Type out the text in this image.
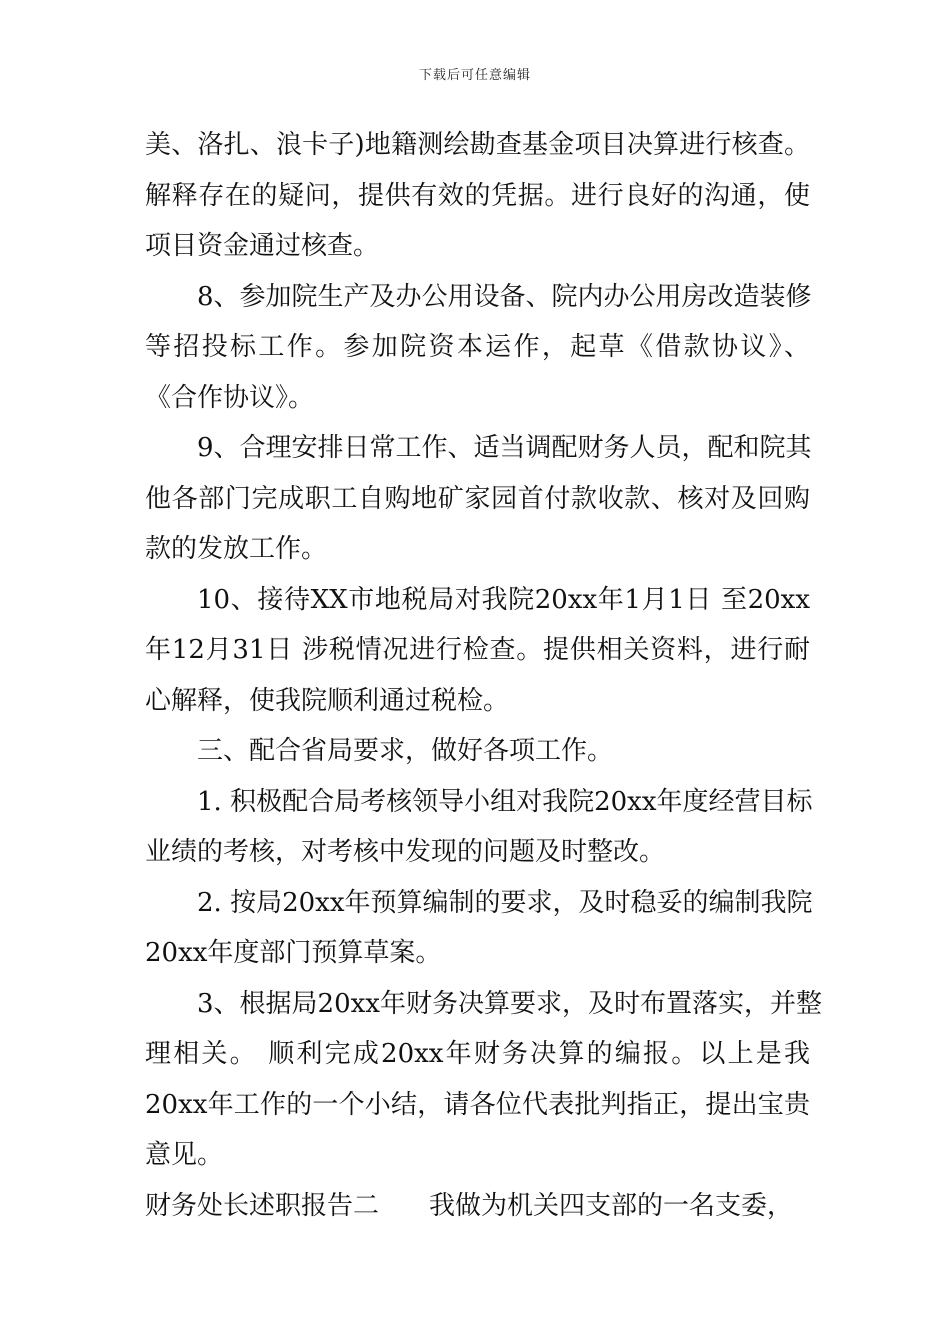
下载后可任意编辑
美、洛扎、浪卡子)地籍测绘勘查基金项目决算进行核查。
解释存在的疑问，提供有效的凭据。进行良好的沟通，使
项目资金通过核查。
8、参加院生产及办公用设备、院内办公用房改造装修
等招投标工作。参加院资本运作，起草《借款协议》、
《合作协议》。
9、合理安排日常工作、适当调配财务人员，配和院其
他各部门完成职工自购地矿家园首付款收款、核对及回购
款的发放工作。
10、接待XX市地税局对我院20xx年1月1日 至20xx
年12月31日 涉税情况进行检查。提供相关资料，进行耐
心解释，使我院顺利通过税检。
三、配合省局要求，做好各项工作。
1. 积极配合局考核领导小组对我院20xx年度经营目标
业绩的考核，对考核中发现的问题及时整改。
2. 按局20xx年预算编制的要求，及时稳妥的编制我院
20xx年度部门预算草案。
3、根据局20xx年财务决算要求，及时布置落实，并整
理相关。 顺利完成20xx年财务决算的编报。以上是我
20xx年工作的一个小结，请各位代表批判指正，提出宝贵
意见。
财务处长述职报告二 我做为机关四支部的一名支委，
